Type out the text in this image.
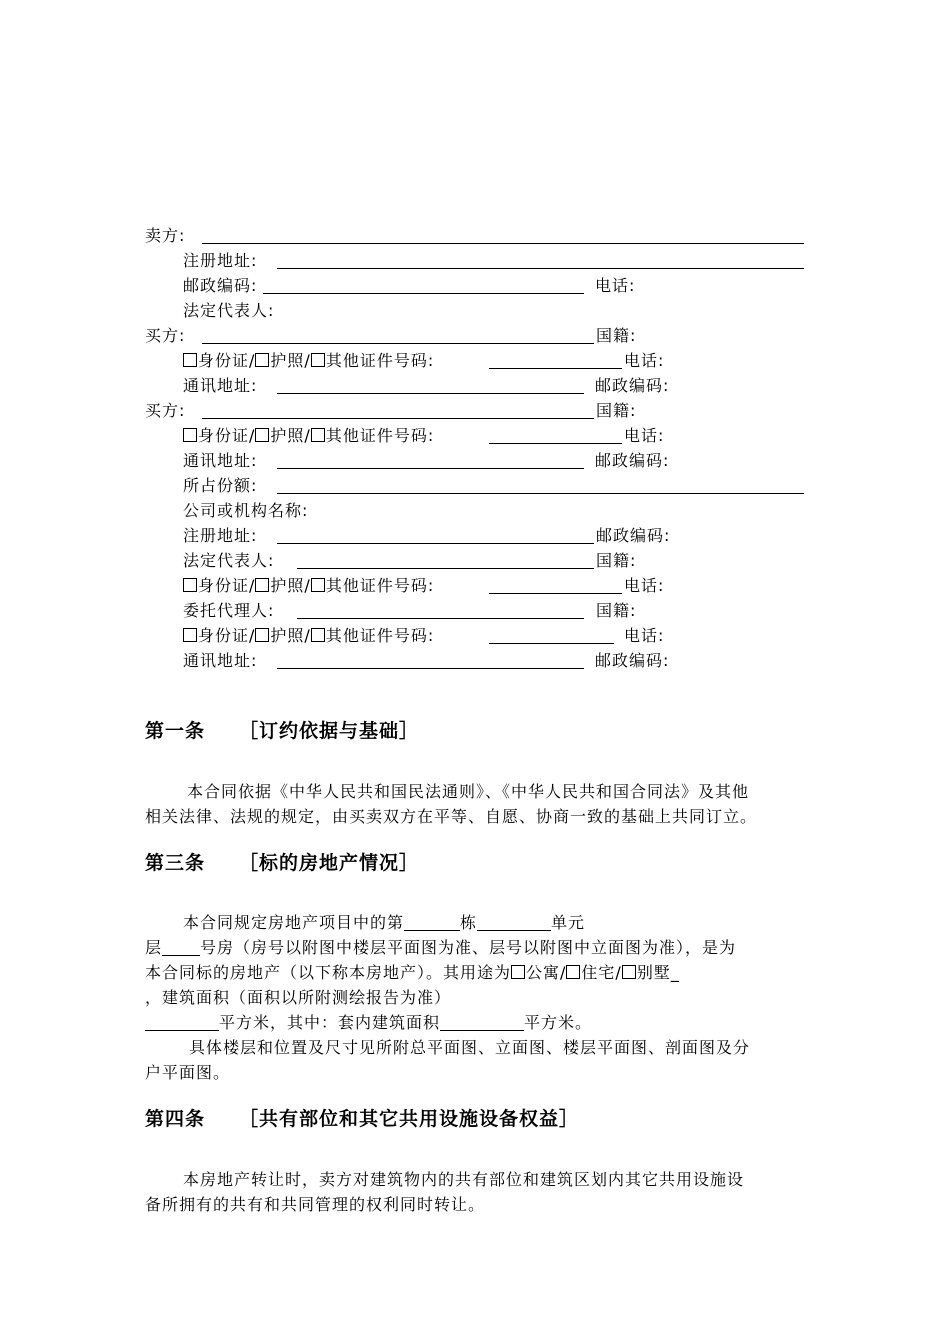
卖方:
注册地址:
邮政编码:	电话:
法定代表人:
买方:	国籍:
身份证/ 护照/ 其他证件号码:	电话:
通讯地址:	邮政编码:
买方:	国籍:
身份证/ 护照/ 其他证件号码:	电话:
通讯地址:	邮政编码:
所占份额:
公司或机构名称:
注册地址:	邮政编码:
法定代表人:	国籍:
身份证/ 护照/ 其他证件号码:	电话:
委托代理人:	国籍:
身份证/ 护照/ 其他证件号码:	电话:
通讯地址:	邮政编码:
第一条 ［订约依据与基础］
本合同依据《中华人民共和国民法通则》、《中华人民共和国合同法》及其他
相关法律、法规的规定，由买卖双方在平等、自愿、协商一致的基础上共同订立。
第三条 ［标的房地产情况］
本合同规定房地产项目中的第	栋	单元
层 号房（房号以附图中楼层平面图为准、层号以附图中立面图为准），是为
本合同标的房地产（以下称本房地产）。其用途为 公寓/ 住宅/ 别墅_
，建筑面积（面积以所附测绘报告为准）
平方米，其中：套内建筑面积	平方米。
具体楼层和位置及尺寸见所附总平面图、立面图、楼层平面图、剖面图及分
户平面图。
第四条 ［共有部位和其它共用设施设备权益］
本房地产转让时，卖方对建筑物内的共有部位和建筑区划内其它共用设施设
备所拥有的共有和共同管理的权利同时转让。
